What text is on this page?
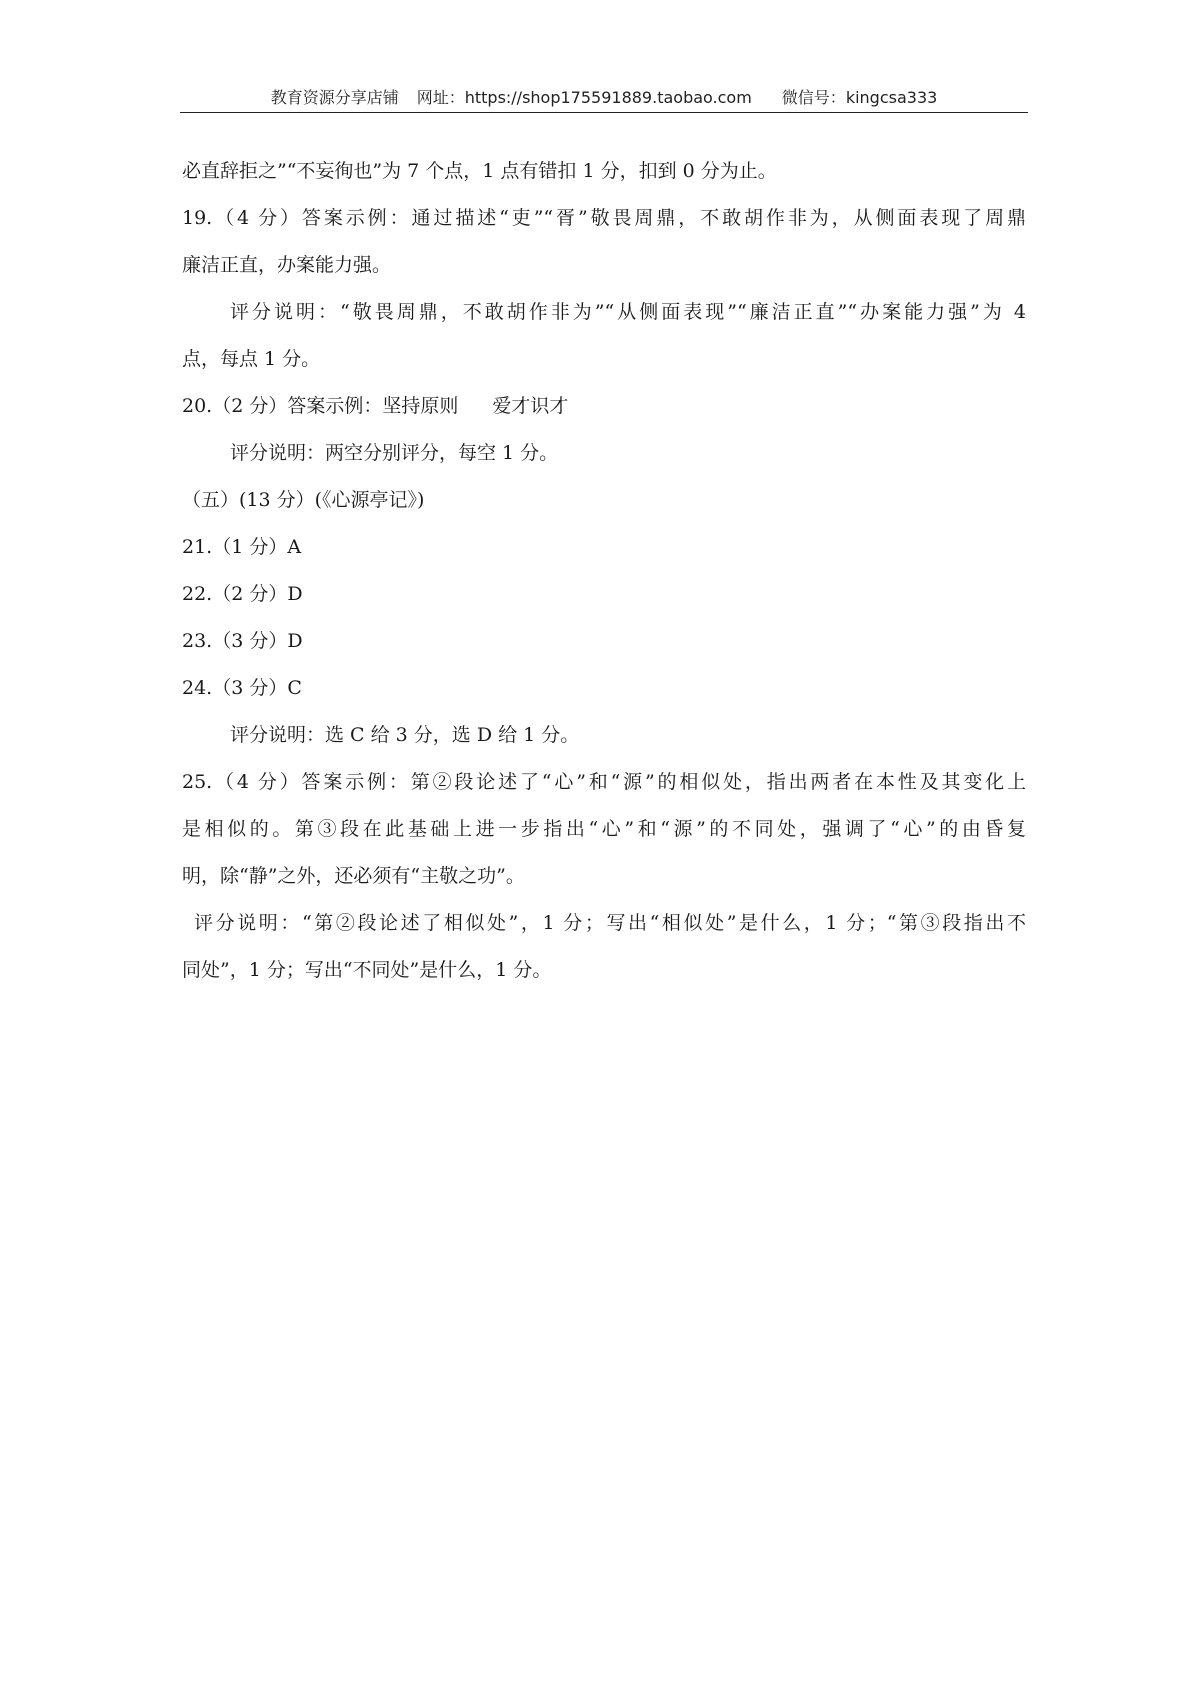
教育资源分享店铺 网址：https://shop175591889.taobao.com 微信号：kingcsa333
必直辞拒之”“不妄徇也”为 7 个点，1 点有错扣 1 分，扣到 0 分为止。
19.（4 分）答案示例：通过描述“吏”“胥”敬畏周鼎，不敢胡作非为，从侧面表现了周鼎
廉洁正直，办案能力强。
评分说明：“敬畏周鼎，不敢胡作非为”“从侧面表现”“廉洁正直”“办案能力强”为 4
点，每点 1 分。
20.（2 分）答案示例：坚持原则 爱才识才
评分说明：两空分别评分，每空 1 分。
（五）(13 分）(《心源亭记》)
21.（1 分）A
22.（2 分）D
23.（3 分）D
24.（3 分）C
评分说明：选 C 给 3 分，选 D 给 1 分。
25.（4 分）答案示例：第②段论述了“心”和“源”的相似处，指出两者在本性及其变化上
是相似的。第③段在此基础上进一步指出“心”和“源”的不同处，强调了“心”的由昏复
明，除“静”之外，还必须有“主敬之功”。
评分说明：“第②段论述了相似处”，1 分；写出“相似处”是什么，1 分；“第③段指出不
同处”，1 分；写出“不同处”是什么，1 分。
